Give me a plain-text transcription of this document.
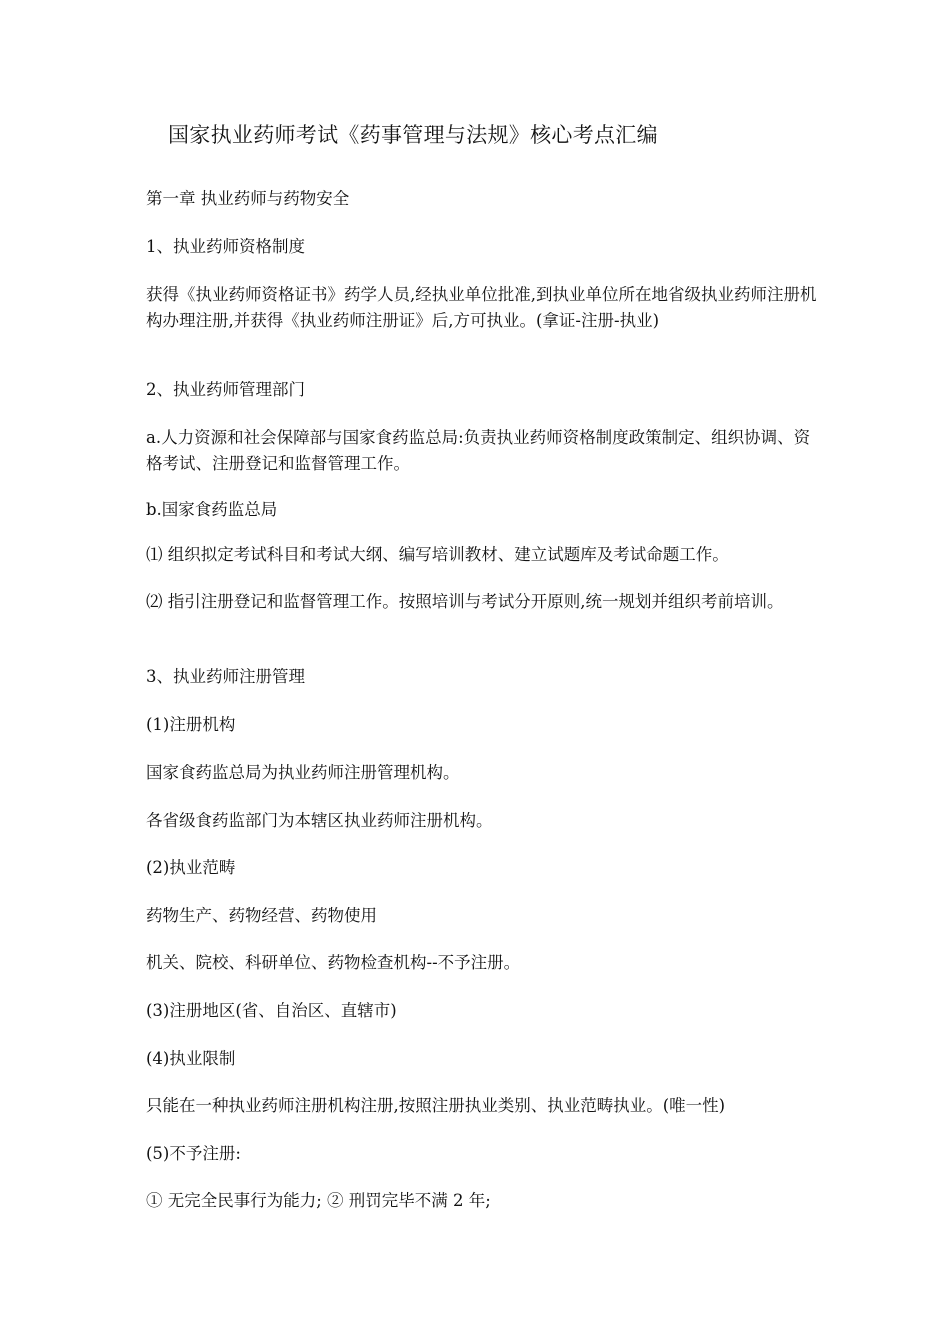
国家执业药师考试《药事管理与法规》核心考点汇编

第一章 执业药师与药物安全

1、执业药师资格制度

获得《执业药师资格证书》药学人员,经执业单位批准,到执业单位所在地省级执业药师注册机构办理注册,并获得《执业药师注册证》后,方可执业。(拿证-注册-执业)

2、执业药师管理部门

a.人力资源和社会保障部与国家食药监总局:负责执业药师资格制度政策制定、组织协调、资格考试、注册登记和监督管理工作。

b.国家食药监总局

⑴ 组织拟定考试科目和考试大纲、编写培训教材、建立试题库及考试命题工作。

⑵ 指引注册登记和监督管理工作。按照培训与考试分开原则,统一规划并组织考前培训。

3、执业药师注册管理

(1)注册机构

国家食药监总局为执业药师注册管理机构。

各省级食药监部门为本辖区执业药师注册机构。

(2)执业范畴

药物生产、药物经营、药物使用

机关、院校、科研单位、药物检查机构--不予注册。

(3)注册地区(省、自治区、直辖市)

(4)执业限制

只能在一种执业药师注册机构注册,按照注册执业类别、执业范畴执业。(唯一性)

(5)不予注册:

① 无完全民事行为能力; ② 刑罚完毕不满 2 年;
